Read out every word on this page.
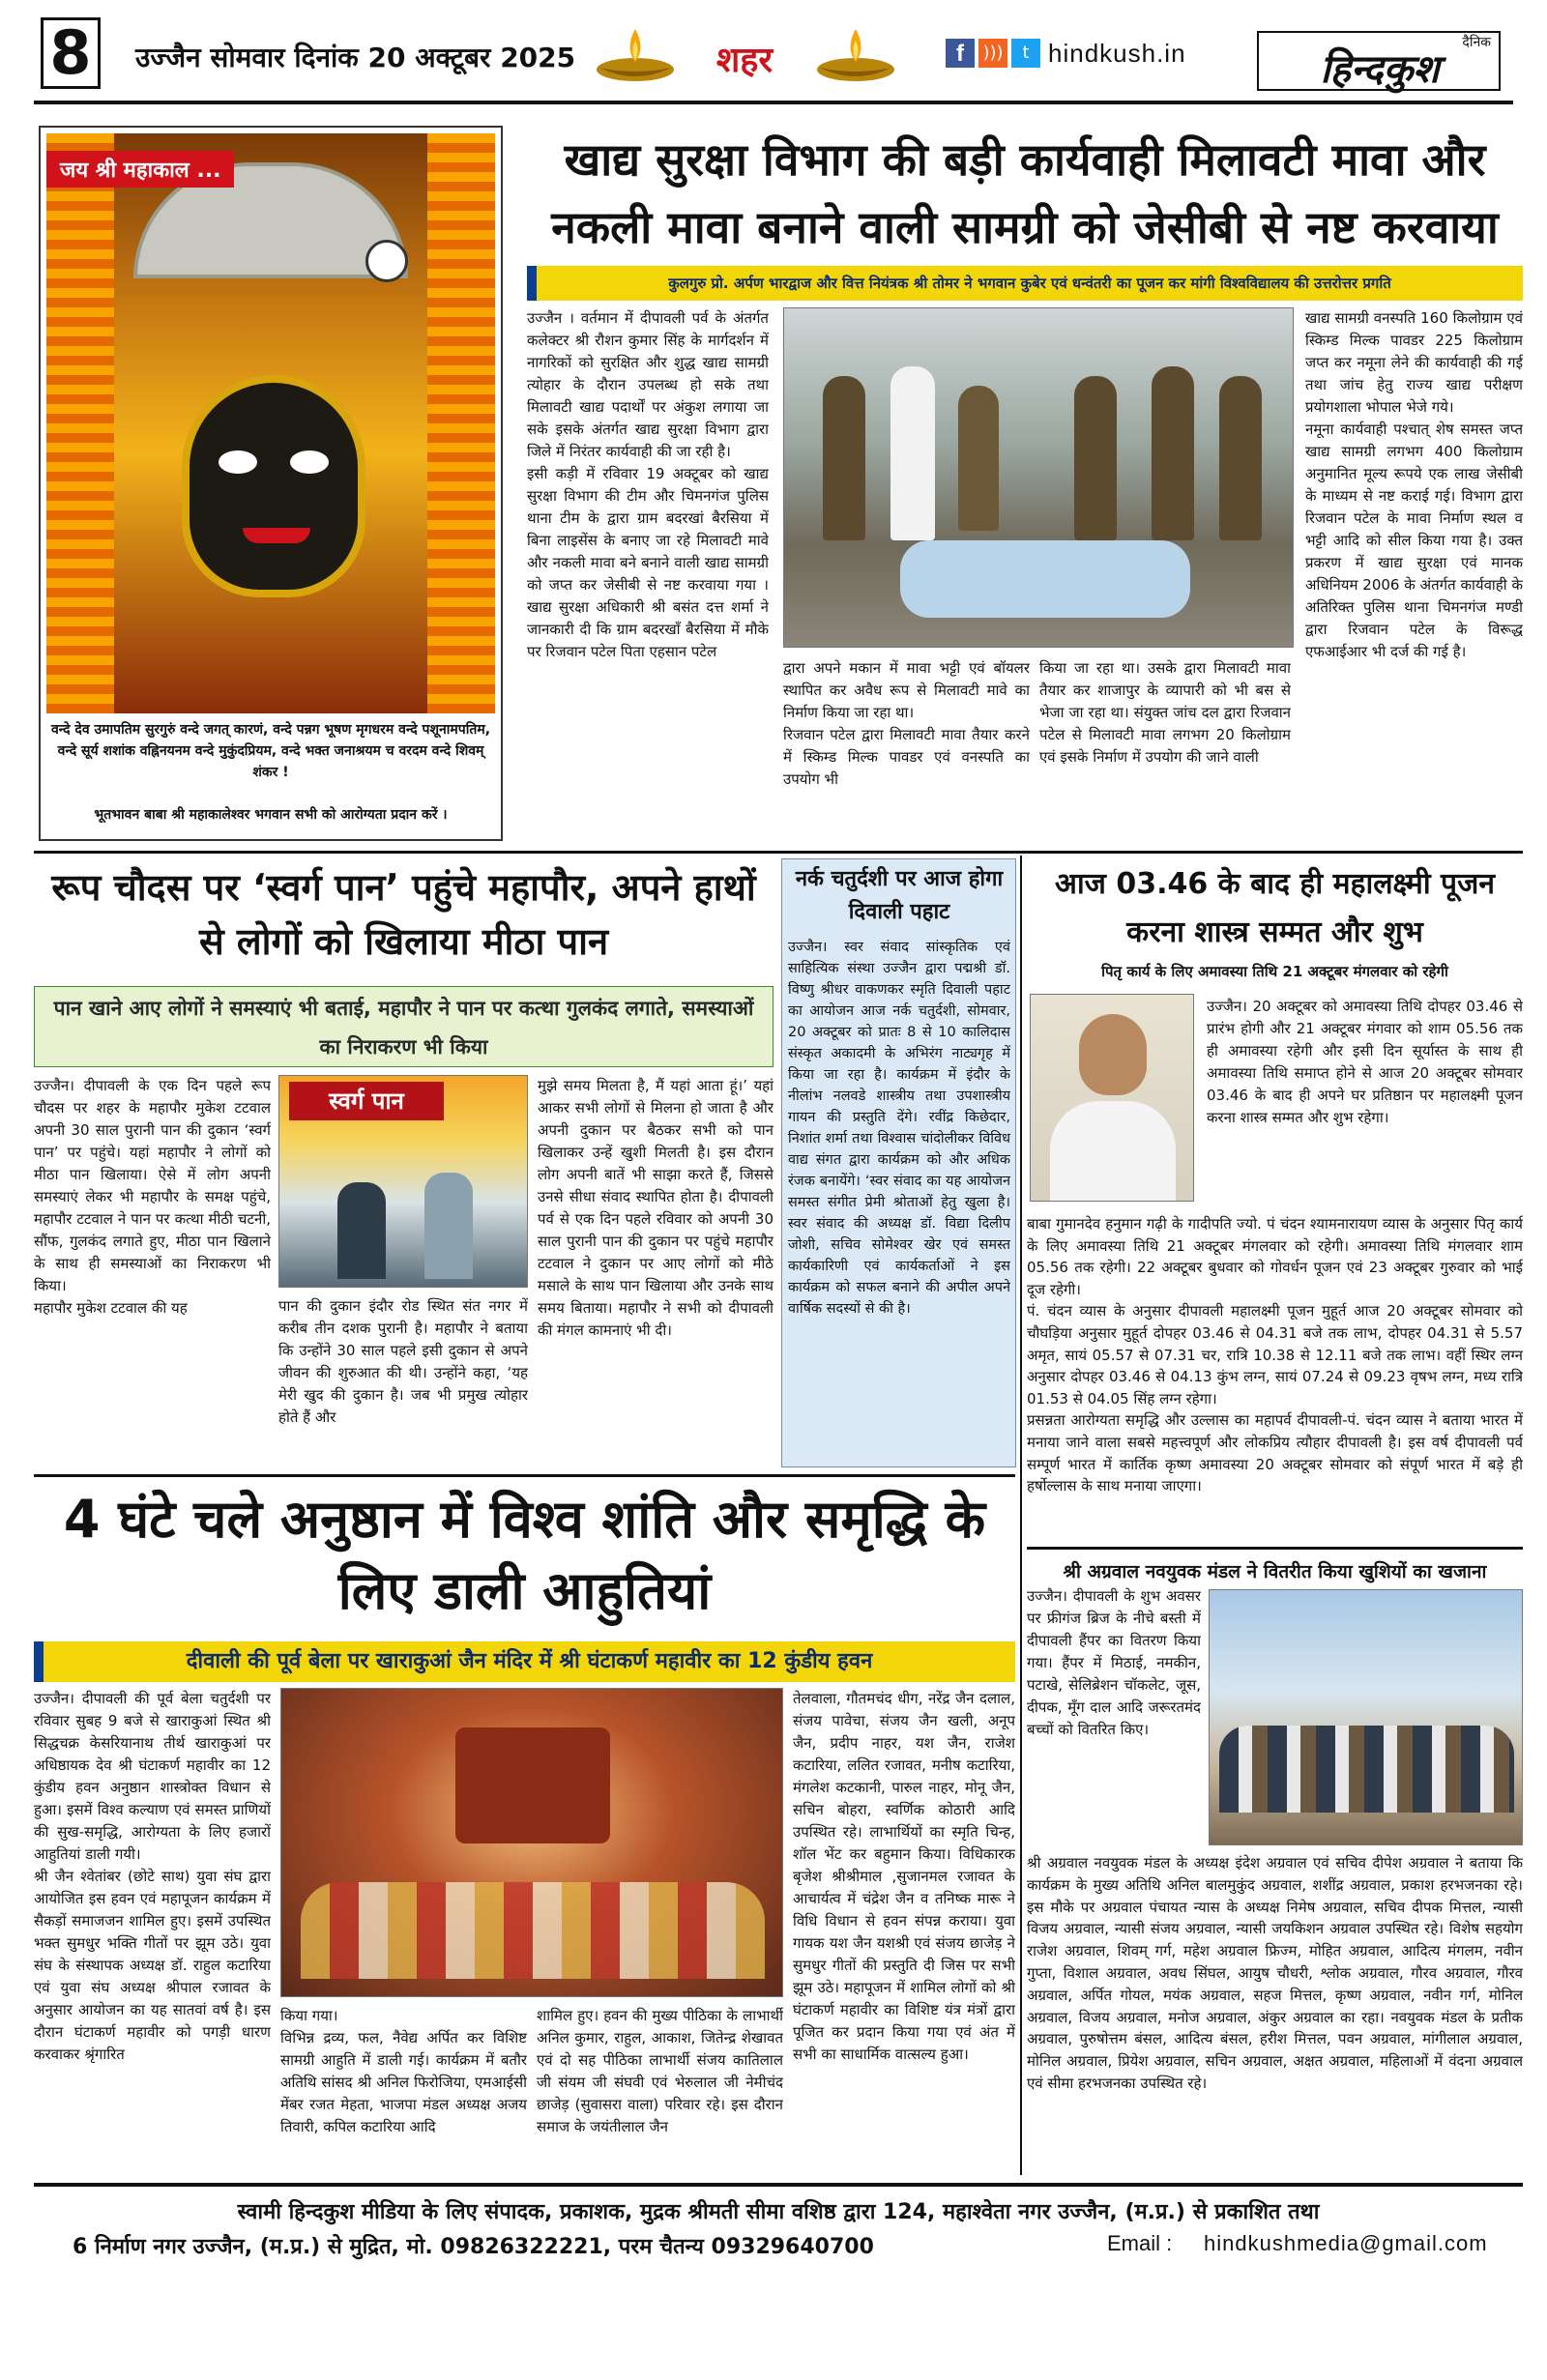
8	उज्जैन सोमवार दिनांक 20 अक्टूबर 2025	शहर	f	)))	t hindkush.in	दैनिक
हिन्दकुश
जय श्री महाकाल ...
वन्दे देव उमापतिम सुरगुरुं वन्दे जगत् कारणं, वन्दे पन्नग भूषण मृगधरम वन्दे पशूनामपतिम, वन्दे सूर्य शशांक वह्निनयनम वन्दे मुकुंदप्रियम, वन्दे भक्त जनाश्रयम च वरदम वन्दे शिवम् शंकर !
भूतभावन बाबा श्री महाकालेश्वर भगवान सभी को आरोग्यता प्रदान करें ।
खाद्य सुरक्षा विभाग की बड़ी कार्यवाही मिलावटी मावा और नकली मावा बनाने वाली सामग्री को जेसीबी से नष्ट करवाया
कुलगुरु प्रो. अर्पण भारद्वाज और वित्त नियंत्रक श्री तोमर ने भगवान कुबेर एवं धन्वंतरी का पूजन कर मांगी विश्वविद्यालय की उत्तरोत्तर प्रगति
उज्जैन । वर्तमान में दीपावली पर्व के अंतर्गत कलेक्टर श्री रौशन कुमार सिंह के मार्गदर्शन में नागरिकों को सुरक्षित और शुद्ध खाद्य सामग्री त्योहार के दौरान उपलब्ध हो सके तथा मिलावटी खाद्य पदार्थों पर अंकुश लगाया जा सके इसके अंतर्गत खाद्य सुरक्षा विभाग द्वारा जिले में निरंतर कार्यवाही की जा रही है।
इसी कड़ी में रविवार 19 अक्टूबर को खाद्य सुरक्षा विभाग की टीम और चिमनगंज पुलिस थाना टीम के द्वारा ग्राम बदरखां बैरसिया में बिना लाइसेंस के बनाए जा रहे मिलावटी मावे और नकली मावा बने बनाने वाली खाद्य सामग्री को जप्त कर जेसीबी से नष्ट करवाया गया । खाद्य सुरक्षा अधिकारी श्री बसंत दत्त शर्मा ने जानकारी दी कि ग्राम बदरखाँ बैरसिया में मौके पर रिजवान पटेल पिता एहसान पटेल
द्वारा अपने मकान में मावा भट्टी एवं बॉयलर स्थापित कर अवैध रूप से मिलावटी मावे का निर्माण किया जा रहा था।
रिजवान पटेल द्वारा मिलावटी मावा तैयार करने में स्किम्ड मिल्क पावडर एवं वनस्पति का उपयोग भी
किया जा रहा था। उसके द्वारा मिलावटी मावा तैयार कर शाजापुर के व्यापारी को भी बस से भेजा जा रहा था। संयुक्त जांच दल द्वारा रिजवान पटेल से मिलावटी मावा लगभग 20 किलोग्राम एवं इसके निर्माण में उपयोग की जाने वाली
खाद्य सामग्री वनस्पति 160 किलोग्राम एवं स्किम्ड मिल्क पावडर 225 किलोग्राम जप्त कर नमूना लेने की कार्यवाही की गई तथा जांच हेतु राज्य खाद्य परीक्षण प्रयोगशाला भोपाल भेजे गये।
नमूना कार्यवाही पश्चात् शेष समस्त जप्त खाद्य सामग्री लगभग 400 किलोग्राम अनुमानित मूल्य रूपये एक लाख जेसीबी के माध्यम से नष्ट कराई गई। विभाग द्वारा रिजवान पटेल के मावा निर्माण स्थल व भट्टी आदि को सील किया गया है। उक्त प्रकरण में खाद्य सुरक्षा एवं मानक अधिनियम 2006 के अंतर्गत कार्यवाही के अतिरिक्त पुलिस थाना चिमनगंज मण्डी द्वारा रिजवान पटेल के विरूद्ध एफआईआर भी दर्ज की गई है।
रूप चौदस पर ‘स्वर्ग पान’ पहुंचे महापौर, अपने हाथों से लोगों को खिलाया मीठा पान
पान खाने आए लोगों ने समस्याएं भी बताई, महापौर ने पान पर कत्था गुलकंद लगाते, समस्याओं का निराकरण भी किया
उज्जैन। दीपावली के एक दिन पहले रूप चौदस पर शहर के महापौर मुकेश टटवाल अपनी 30 साल पुरानी पान की दुकान ‘स्वर्ग पान’ पर पहुंचे। यहां महापौर ने लोगों को मीठा पान खिलाया। ऐसे में लोग अपनी समस्याएं लेकर भी महापौर के समक्ष पहुंचे, महापौर टटवाल ने पान पर कत्था मीठी चटनी, सौंफ, गुलकंद लगाते हुए, मीठा पान खिलाने के साथ ही समस्याओं का निराकरण भी किया।
महापौर मुकेश टटवाल की यह
स्वर्ग पान
पान की दुकान इंदौर रोड स्थित संत नगर में करीब तीन दशक पुरानी है। महापौर ने बताया कि उन्होंने 30 साल पहले इसी दुकान से अपने जीवन की शुरुआत की थी। उन्होंने कहा, ‘यह मेरी खुद की दुकान है। जब भी प्रमुख त्योहार होते हैं और
मुझे समय मिलता है, मैं यहां आता हूं।’ यहां आकर सभी लोगों से मिलना हो जाता है और अपनी दुकान पर बैठकर सभी को पान खिलाकर उन्हें खुशी मिलती है। इस दौरान लोग अपनी बातें भी साझा करते हैं, जिससे उनसे सीधा संवाद स्थापित होता है। दीपावली पर्व से एक दिन पहले रविवार को अपनी 30 साल पुरानी पान की दुकान पर पहुंचे महापौर टटवाल ने दुकान पर आए लोगों को मीठे मसाले के साथ पान खिलाया और उनके साथ समय बिताया। महापौर ने सभी को दीपावली की मंगल कामनाएं भी दी।
नर्क चतुर्दशी पर आज होगा दिवाली पहाट
उज्जैन। स्वर संवाद सांस्कृतिक एवं साहित्यिक संस्था उज्जैन द्वारा पद्मश्री डॉ. विष्णु श्रीधर वाकणकर स्मृति दिवाली पहाट का आयोजन आज नर्क चतुर्दशी, सोमवार, 20 अक्टूबर को प्रातः 8 से 10 कालिदास संस्कृत अकादमी के अभिरंग नाट्यगृह में किया जा रहा है। कार्यक्रम में इंदौर के नीलांभ नलवडे शास्त्रीय तथा उपशास्त्रीय गायन की प्रस्तुति देंगे। रवींद्र किछेदार, निशांत शर्मा तथा विश्वास चांदोलीकर विविध वाद्य संगत द्वारा कार्यक्रम को और अधिक रंजक बनायेंगे। ‘स्वर संवाद का यह आयोजन समस्त संगीत प्रेमी श्रोताओं हेतु खुला है। स्वर संवाद की अध्यक्ष डॉ. विद्या दिलीप जोशी, सचिव सोमेश्वर खेर एवं समस्त कार्यकारिणी एवं कार्यकर्ताओं ने इस कार्यक्रम को सफल बनाने की अपील अपने वार्षिक सदस्यों से की है।
आज 03.46 के बाद ही महालक्ष्मी पूजन करना शास्त्र सम्मत और शुभ
पितृ कार्य के लिए अमावस्या तिथि 21 अक्टूबर मंगलवार को रहेगी
उज्जैन। 20 अक्टूबर को अमावस्या तिथि दोपहर 03.46 से प्रारंभ होगी और 21 अक्टूबर मंगवार को शाम 05.56 तक ही अमावस्या रहेगी और इसी दिन सूर्यास्त के साथ ही अमावस्या तिथि समाप्त होने से आज 20 अक्टूबर सोमवार 03.46 के बाद ही अपने घर प्रतिष्ठान पर महालक्ष्मी पूजन करना शास्त्र सम्मत और शुभ रहेगा।
बाबा गुमानदेव हनुमान गढ़ी के गादीपति ज्यो. पं चंदन श्यामनारायण व्यास के अनुसार पितृ कार्य के लिए अमावस्या तिथि 21 अक्टूबर मंगलवार को रहेगी। अमावस्या तिथि मंगलवार शाम 05.56 तक रहेगी। 22 अक्टूबर बुधवार को गोवर्धन पूजन एवं 23 अक्टूबर गुरुवार को भाई दूज रहेगी।
पं. चंदन व्यास के अनुसार दीपावली महालक्ष्मी पूजन मुहूर्त आज 20 अक्टूबर सोमवार को चौघड़िया अनुसार मुहूर्त दोपहर 03.46 से 04.31 बजे तक लाभ, दोपहर 04.31 से 5.57 अमृत, सायं 05.57 से 07.31 चर, रात्रि 10.38 से 12.11 बजे तक लाभ। वहीं स्थिर लग्न अनुसार दोपहर 03.46 से 04.13 कुंभ लग्न, सायं 07.24 से 09.23 वृषभ लग्न, मध्य रात्रि 01.53 से 04.05 सिंह लग्न रहेगा।
प्रसन्नता आरोग्यता समृद्धि और उल्लास का महापर्व दीपावली-पं. चंदन व्यास ने बताया भारत में मनाया जाने वाला सबसे महत्त्वपूर्ण और लोकप्रिय त्यौहार दीपावली है। इस वर्ष दीपावली पर्व सम्पूर्ण भारत में कार्तिक कृष्ण अमावस्या 20 अक्टूबर सोमवार को संपूर्ण भारत में बड़े ही हर्षोल्लास के साथ मनाया जाएगा।
4 घंटे चले अनुष्ठान में विश्व शांति और समृद्धि के लिए डाली आहुतियां
दीवाली की पूर्व बेला पर खाराकुआं जैन मंदिर में श्री घंटाकर्ण महावीर का 12 कुंडीय हवन
उज्जैन। दीपावली की पूर्व बेला चतुर्दशी पर रविवार सुबह 9 बजे से खाराकुआं स्थित श्री सिद्धचक्र केसरियानाथ तीर्थ खाराकुआं पर अधिष्ठायक देव श्री घंटाकर्ण महावीर का 12 कुंडीय हवन अनुष्ठान शास्त्रोक्त विधान से हुआ। इसमें विश्व कल्याण एवं समस्त प्राणियों की सुख-समृद्धि, आरोग्यता के लिए हजारों आहुतियां डाली गयी।
श्री जैन श्वेतांबर (छोटे साथ) युवा संघ द्वारा आयोजित इस हवन एवं महापूजन कार्यक्रम में सैकड़ों समाजजन शामिल हुए। इसमें उपस्थित भक्त सुमधुर भक्ति गीतों पर झूम उठे। युवा संघ के संस्थापक अध्यक्ष डॉ. राहुल कटारिया एवं युवा संघ अध्यक्ष श्रीपाल रजावत के अनुसार आयोजन का यह सातवां वर्ष है। इस दौरान घंटाकर्ण महावीर को पगड़ी धारण करवाकर श्रृंगारित
किया गया।
विभिन्न द्रव्य, फल, नैवेद्य अर्पित कर विशिष्ट सामग्री आहुति में डाली गई। कार्यक्रम में बतौर अतिथि सांसद श्री अनिल फिरोजिया, एमआईसी मेंबर रजत मेहता, भाजपा मंडल अध्यक्ष अजय तिवारी, कपिल कटारिया आदि
शामिल हुए। हवन की मुख्य पीठिका के लाभार्थी अनिल कुमार, राहुल, आकाश, जितेन्द्र शेखावत एवं दो सह पीठिका लाभार्थी संजय कातिलाल जी संयम जी संघवी एवं भेरुलाल जी नेमीचंद छाजेड़ (सुवासरा वाला) परिवार रहे। इस दौरान समाज के जयंतीलाल जैन
तेलवाला, गौतमचंद धीग, नरेंद्र जैन दलाल, संजय पावेचा, संजय जैन खली, अनूप जैन, प्रदीप नाहर, यश जैन, राजेश कटारिया, ललित रजावत, मनीष कटारिया, मंगलेश कटकानी, पारुल नाहर, मोनू जैन, सचिन बोहरा, स्वर्णिक कोठारी आदि उपस्थित रहे। लाभार्थियों का स्मृति चिन्ह, शॉल भेंट कर बहुमान किया। विधिकारक बृजेश श्रीश्रीमाल ,सुजानमल रजावत के आचार्यत्व में चंद्रेश जैन व तनिष्क मारू ने विधि विधान से हवन संपन्न कराया। युवा गायक यश जैन यशश्री एवं संजय छाजेड़ ने सुमधुर गीतों की प्रस्तुति दी जिस पर सभी झूम उठे। महापूजन में शामिल लोगों को श्री घंटाकर्ण महावीर का विशिष्ट यंत्र मंत्रों द्वारा पूजित कर प्रदान किया गया एवं अंत में सभी का साधार्मिक वात्सल्य हुआ।
श्री अग्रवाल नवयुवक मंडल ने वितरीत किया खुशियों का खजाना
उज्जैन। दीपावली के शुभ अवसर पर फ्रीगंज ब्रिज के नीचे बस्ती में दीपावली हैंपर का वितरण किया गया। हैंपर में मिठाई, नमकीन, पटाखे, सेलिब्रेशन चॉकलेट, जूस, दीपक, मूँग दाल आदि जरूरतमंद बच्चों को वितरित किए।
श्री अग्रवाल नवयुवक मंडल के अध्यक्ष इंदेश अग्रवाल एवं सचिव दीपेश अग्रवाल ने बताया कि कार्यक्रम के मुख्य अतिथि अनिल बालमुकुंद अग्रवाल, शशींद्र अग्रवाल, प्रकाश हरभजनका रहे। इस मौके पर अग्रवाल पंचायत न्यास के अध्यक्ष निमेष अग्रवाल, सचिव दीपक मित्तल, न्यासी विजय अग्रवाल, न्यासी संजय अग्रवाल, न्यासी जयकिशन अग्रवाल उपस्थित रहे। विशेष सहयोग राजेश अग्रवाल, शिवम् गर्ग, महेश अग्रवाल फ्रिज्म, मोहित अग्रवाल, आदित्य मंगलम, नवीन गुप्ता, विशाल अग्रवाल, अवध सिंघल, आयुष चौधरी, श्लोक अग्रवाल, गौरव अग्रवाल, गौरव अग्रवाल, अर्पित गोयल, मयंक अग्रवाल, सहज मित्तल, कृष्ण अग्रवाल, नवीन गर्ग, मोनिल अग्रवाल, विजय अग्रवाल, मनोज अग्रवाल, अंकुर अग्रवाल का रहा। नवयुवक मंडल के प्रतीक अग्रवाल, पुरुषोत्तम बंसल, आदित्य बंसल, हरीश मित्तल, पवन अग्रवाल, मांगीलाल अग्रवाल, मोनिल अग्रवाल, प्रियेश अग्रवाल, सचिन अग्रवाल, अक्षत अग्रवाल, महिलाओं में वंदना अग्रवाल एवं सीमा हरभजनका उपस्थित रहे।
स्वामी हिन्दकुश मीडिया के लिए संपादक, प्रकाशक, मुद्रक श्रीमती सीमा वशिष्ठ द्वारा 124, महाश्वेता नगर उज्जैन, (म.प्र.) से प्रकाशित तथा
6 निर्माण नगर उज्जैन, (म.प्र.) से मुद्रित, मो. 09826322221, परम चैतन्य 09329640700	Email :	hindkushmedia@gmail.com
